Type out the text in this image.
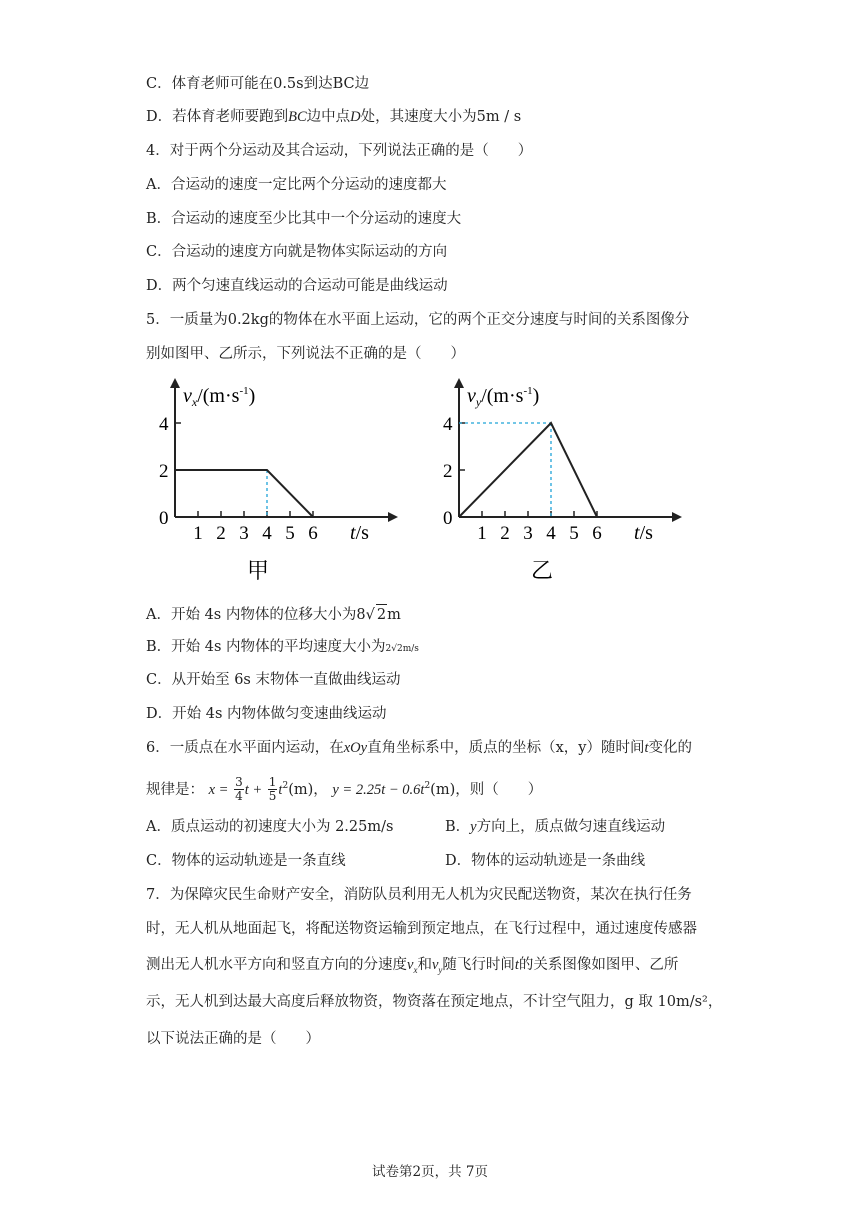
C．体育老师可能在0.5s到达BC边
D．若体育老师要跑到BC边中点D处，其速度大小为5m / s
4．对于两个分运动及其合运动，下列说法正确的是（　　）
A．合运动的速度一定比两个分运动的速度都大
B．合运动的速度至少比其中一个分运动的速度大
C．合运动的速度方向就是物体实际运动的方向
D．两个匀速直线运动的合运动可能是曲线运动
5．一质量为0.2kg的物体在水平面上运动，它的两个正交分速度与时间的关系图像分
别如图甲、乙所示，下列说法不正确的是（　　）
$v_x/(m\cdot s^{-1})$
t/s
0
1 2 3 4 5 6
2
4
甲
$v_y/(m\cdot s^{-1})$
t/s
0
1 2 3 4 5 6
2
4
乙
A．开始 4s 内物体的位移大小为8√ 2m
B．开始 4s 内物体的平均速度大小为2√2m/s
C．从开始至 6s 末物体一直做曲线运动
D．开始 4s 内物体做匀变速曲线运动
6．一质点在水平面内运动，在xOy直角坐标系中，质点的坐标（x，y）随时间t变化的
规律是： $x = \frac{3}{4}$ $t + \frac{1}{5} t^2(m)$， $y = 2.25t - 0.6t^2(m)$，则（　　）
A．质点运动的初速度大小为 2.25m/s	B．y方向上，质点做匀速直线运动
C．物体的运动轨迹是一条直线	D．物体的运动轨迹是一条曲线
7．为保障灾民生命财产安全，消防队员利用无人机为灾民配送物资，某次在执行任务
时，无人机从地面起飞，将配送物资运输到预定地点，在飞行过程中，通过速度传感器
测出无人机水平方向和竖直方向的分速度$v_x$和$v_y$随飞行时间t的关系图像如图甲、乙所
示，无人机到达最大高度后释放物资，物资落在预定地点，不计空气阻力，g 取 10m/s²，
以下说法正确的是（　　）
试卷第2页，共 7页
